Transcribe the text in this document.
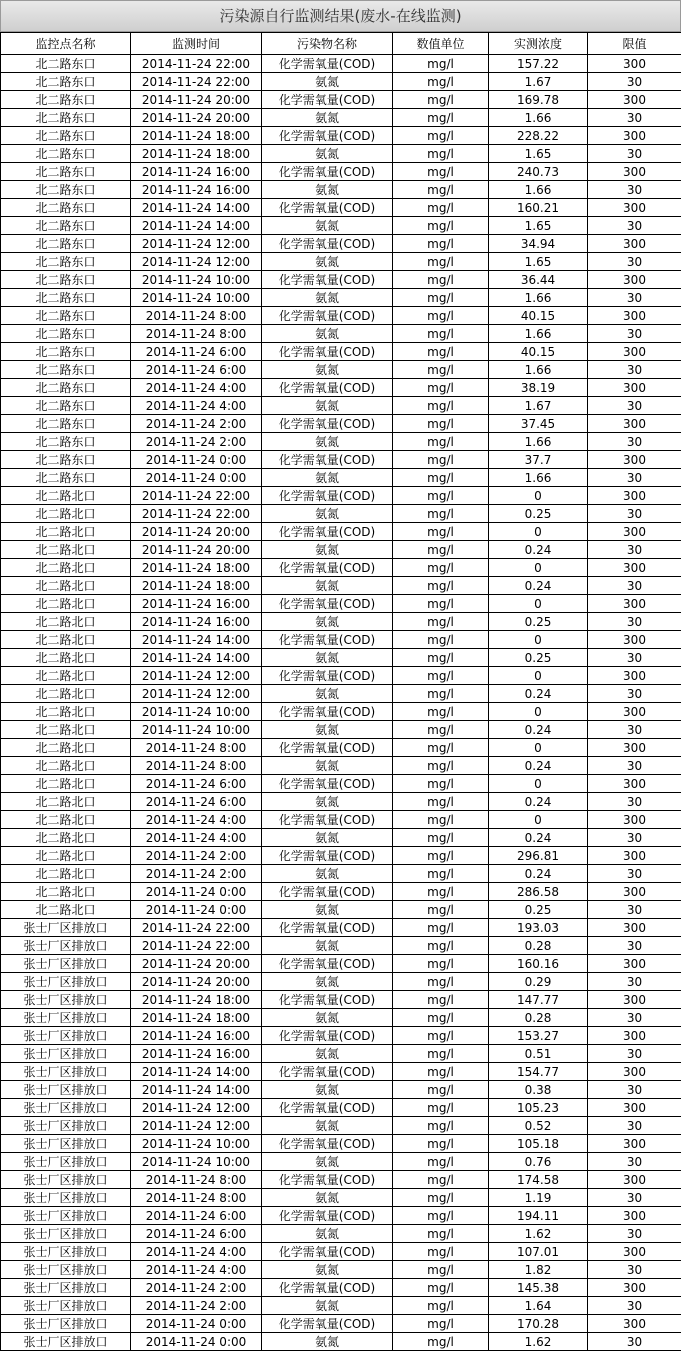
污染源自行监测结果(废水-在线监测)
监控点名称	监测时间	污染物名称	数值单位	实测浓度	限值
北二路东口	2014-11-24 22:00	化学需氧量(COD)	mg/l	157.22	300
北二路东口	2014-11-24 22:00	氨氮	mg/l	1.67	30
北二路东口	2014-11-24 20:00	化学需氧量(COD)	mg/l	169.78	300
北二路东口	2014-11-24 20:00	氨氮	mg/l	1.66	30
北二路东口	2014-11-24 18:00	化学需氧量(COD)	mg/l	228.22	300
北二路东口	2014-11-24 18:00	氨氮	mg/l	1.65	30
北二路东口	2014-11-24 16:00	化学需氧量(COD)	mg/l	240.73	300
北二路东口	2014-11-24 16:00	氨氮	mg/l	1.66	30
北二路东口	2014-11-24 14:00	化学需氧量(COD)	mg/l	160.21	300
北二路东口	2014-11-24 14:00	氨氮	mg/l	1.65	30
北二路东口	2014-11-24 12:00	化学需氧量(COD)	mg/l	34.94	300
北二路东口	2014-11-24 12:00	氨氮	mg/l	1.65	30
北二路东口	2014-11-24 10:00	化学需氧量(COD)	mg/l	36.44	300
北二路东口	2014-11-24 10:00	氨氮	mg/l	1.66	30
北二路东口	2014-11-24 8:00	化学需氧量(COD)	mg/l	40.15	300
北二路东口	2014-11-24 8:00	氨氮	mg/l	1.66	30
北二路东口	2014-11-24 6:00	化学需氧量(COD)	mg/l	40.15	300
北二路东口	2014-11-24 6:00	氨氮	mg/l	1.66	30
北二路东口	2014-11-24 4:00	化学需氧量(COD)	mg/l	38.19	300
北二路东口	2014-11-24 4:00	氨氮	mg/l	1.67	30
北二路东口	2014-11-24 2:00	化学需氧量(COD)	mg/l	37.45	300
北二路东口	2014-11-24 2:00	氨氮	mg/l	1.66	30
北二路东口	2014-11-24 0:00	化学需氧量(COD)	mg/l	37.7	300
北二路东口	2014-11-24 0:00	氨氮	mg/l	1.66	30
北二路北口	2014-11-24 22:00	化学需氧量(COD)	mg/l	0	300
北二路北口	2014-11-24 22:00	氨氮	mg/l	0.25	30
北二路北口	2014-11-24 20:00	化学需氧量(COD)	mg/l	0	300
北二路北口	2014-11-24 20:00	氨氮	mg/l	0.24	30
北二路北口	2014-11-24 18:00	化学需氧量(COD)	mg/l	0	300
北二路北口	2014-11-24 18:00	氨氮	mg/l	0.24	30
北二路北口	2014-11-24 16:00	化学需氧量(COD)	mg/l	0	300
北二路北口	2014-11-24 16:00	氨氮	mg/l	0.25	30
北二路北口	2014-11-24 14:00	化学需氧量(COD)	mg/l	0	300
北二路北口	2014-11-24 14:00	氨氮	mg/l	0.25	30
北二路北口	2014-11-24 12:00	化学需氧量(COD)	mg/l	0	300
北二路北口	2014-11-24 12:00	氨氮	mg/l	0.24	30
北二路北口	2014-11-24 10:00	化学需氧量(COD)	mg/l	0	300
北二路北口	2014-11-24 10:00	氨氮	mg/l	0.24	30
北二路北口	2014-11-24 8:00	化学需氧量(COD)	mg/l	0	300
北二路北口	2014-11-24 8:00	氨氮	mg/l	0.24	30
北二路北口	2014-11-24 6:00	化学需氧量(COD)	mg/l	0	300
北二路北口	2014-11-24 6:00	氨氮	mg/l	0.24	30
北二路北口	2014-11-24 4:00	化学需氧量(COD)	mg/l	0	300
北二路北口	2014-11-24 4:00	氨氮	mg/l	0.24	30
北二路北口	2014-11-24 2:00	化学需氧量(COD)	mg/l	296.81	300
北二路北口	2014-11-24 2:00	氨氮	mg/l	0.24	30
北二路北口	2014-11-24 0:00	化学需氧量(COD)	mg/l	286.58	300
北二路北口	2014-11-24 0:00	氨氮	mg/l	0.25	30
张士厂区排放口	2014-11-24 22:00	化学需氧量(COD)	mg/l	193.03	300
张士厂区排放口	2014-11-24 22:00	氨氮	mg/l	0.28	30
张士厂区排放口	2014-11-24 20:00	化学需氧量(COD)	mg/l	160.16	300
张士厂区排放口	2014-11-24 20:00	氨氮	mg/l	0.29	30
张士厂区排放口	2014-11-24 18:00	化学需氧量(COD)	mg/l	147.77	300
张士厂区排放口	2014-11-24 18:00	氨氮	mg/l	0.28	30
张士厂区排放口	2014-11-24 16:00	化学需氧量(COD)	mg/l	153.27	300
张士厂区排放口	2014-11-24 16:00	氨氮	mg/l	0.51	30
张士厂区排放口	2014-11-24 14:00	化学需氧量(COD)	mg/l	154.77	300
张士厂区排放口	2014-11-24 14:00	氨氮	mg/l	0.38	30
张士厂区排放口	2014-11-24 12:00	化学需氧量(COD)	mg/l	105.23	300
张士厂区排放口	2014-11-24 12:00	氨氮	mg/l	0.52	30
张士厂区排放口	2014-11-24 10:00	化学需氧量(COD)	mg/l	105.18	300
张士厂区排放口	2014-11-24 10:00	氨氮	mg/l	0.76	30
张士厂区排放口	2014-11-24 8:00	化学需氧量(COD)	mg/l	174.58	300
张士厂区排放口	2014-11-24 8:00	氨氮	mg/l	1.19	30
张士厂区排放口	2014-11-24 6:00	化学需氧量(COD)	mg/l	194.11	300
张士厂区排放口	2014-11-24 6:00	氨氮	mg/l	1.62	30
张士厂区排放口	2014-11-24 4:00	化学需氧量(COD)	mg/l	107.01	300
张士厂区排放口	2014-11-24 4:00	氨氮	mg/l	1.82	30
张士厂区排放口	2014-11-24 2:00	化学需氧量(COD)	mg/l	145.38	300
张士厂区排放口	2014-11-24 2:00	氨氮	mg/l	1.64	30
张士厂区排放口	2014-11-24 0:00	化学需氧量(COD)	mg/l	170.28	300
张士厂区排放口	2014-11-24 0:00	氨氮	mg/l	1.62	30
